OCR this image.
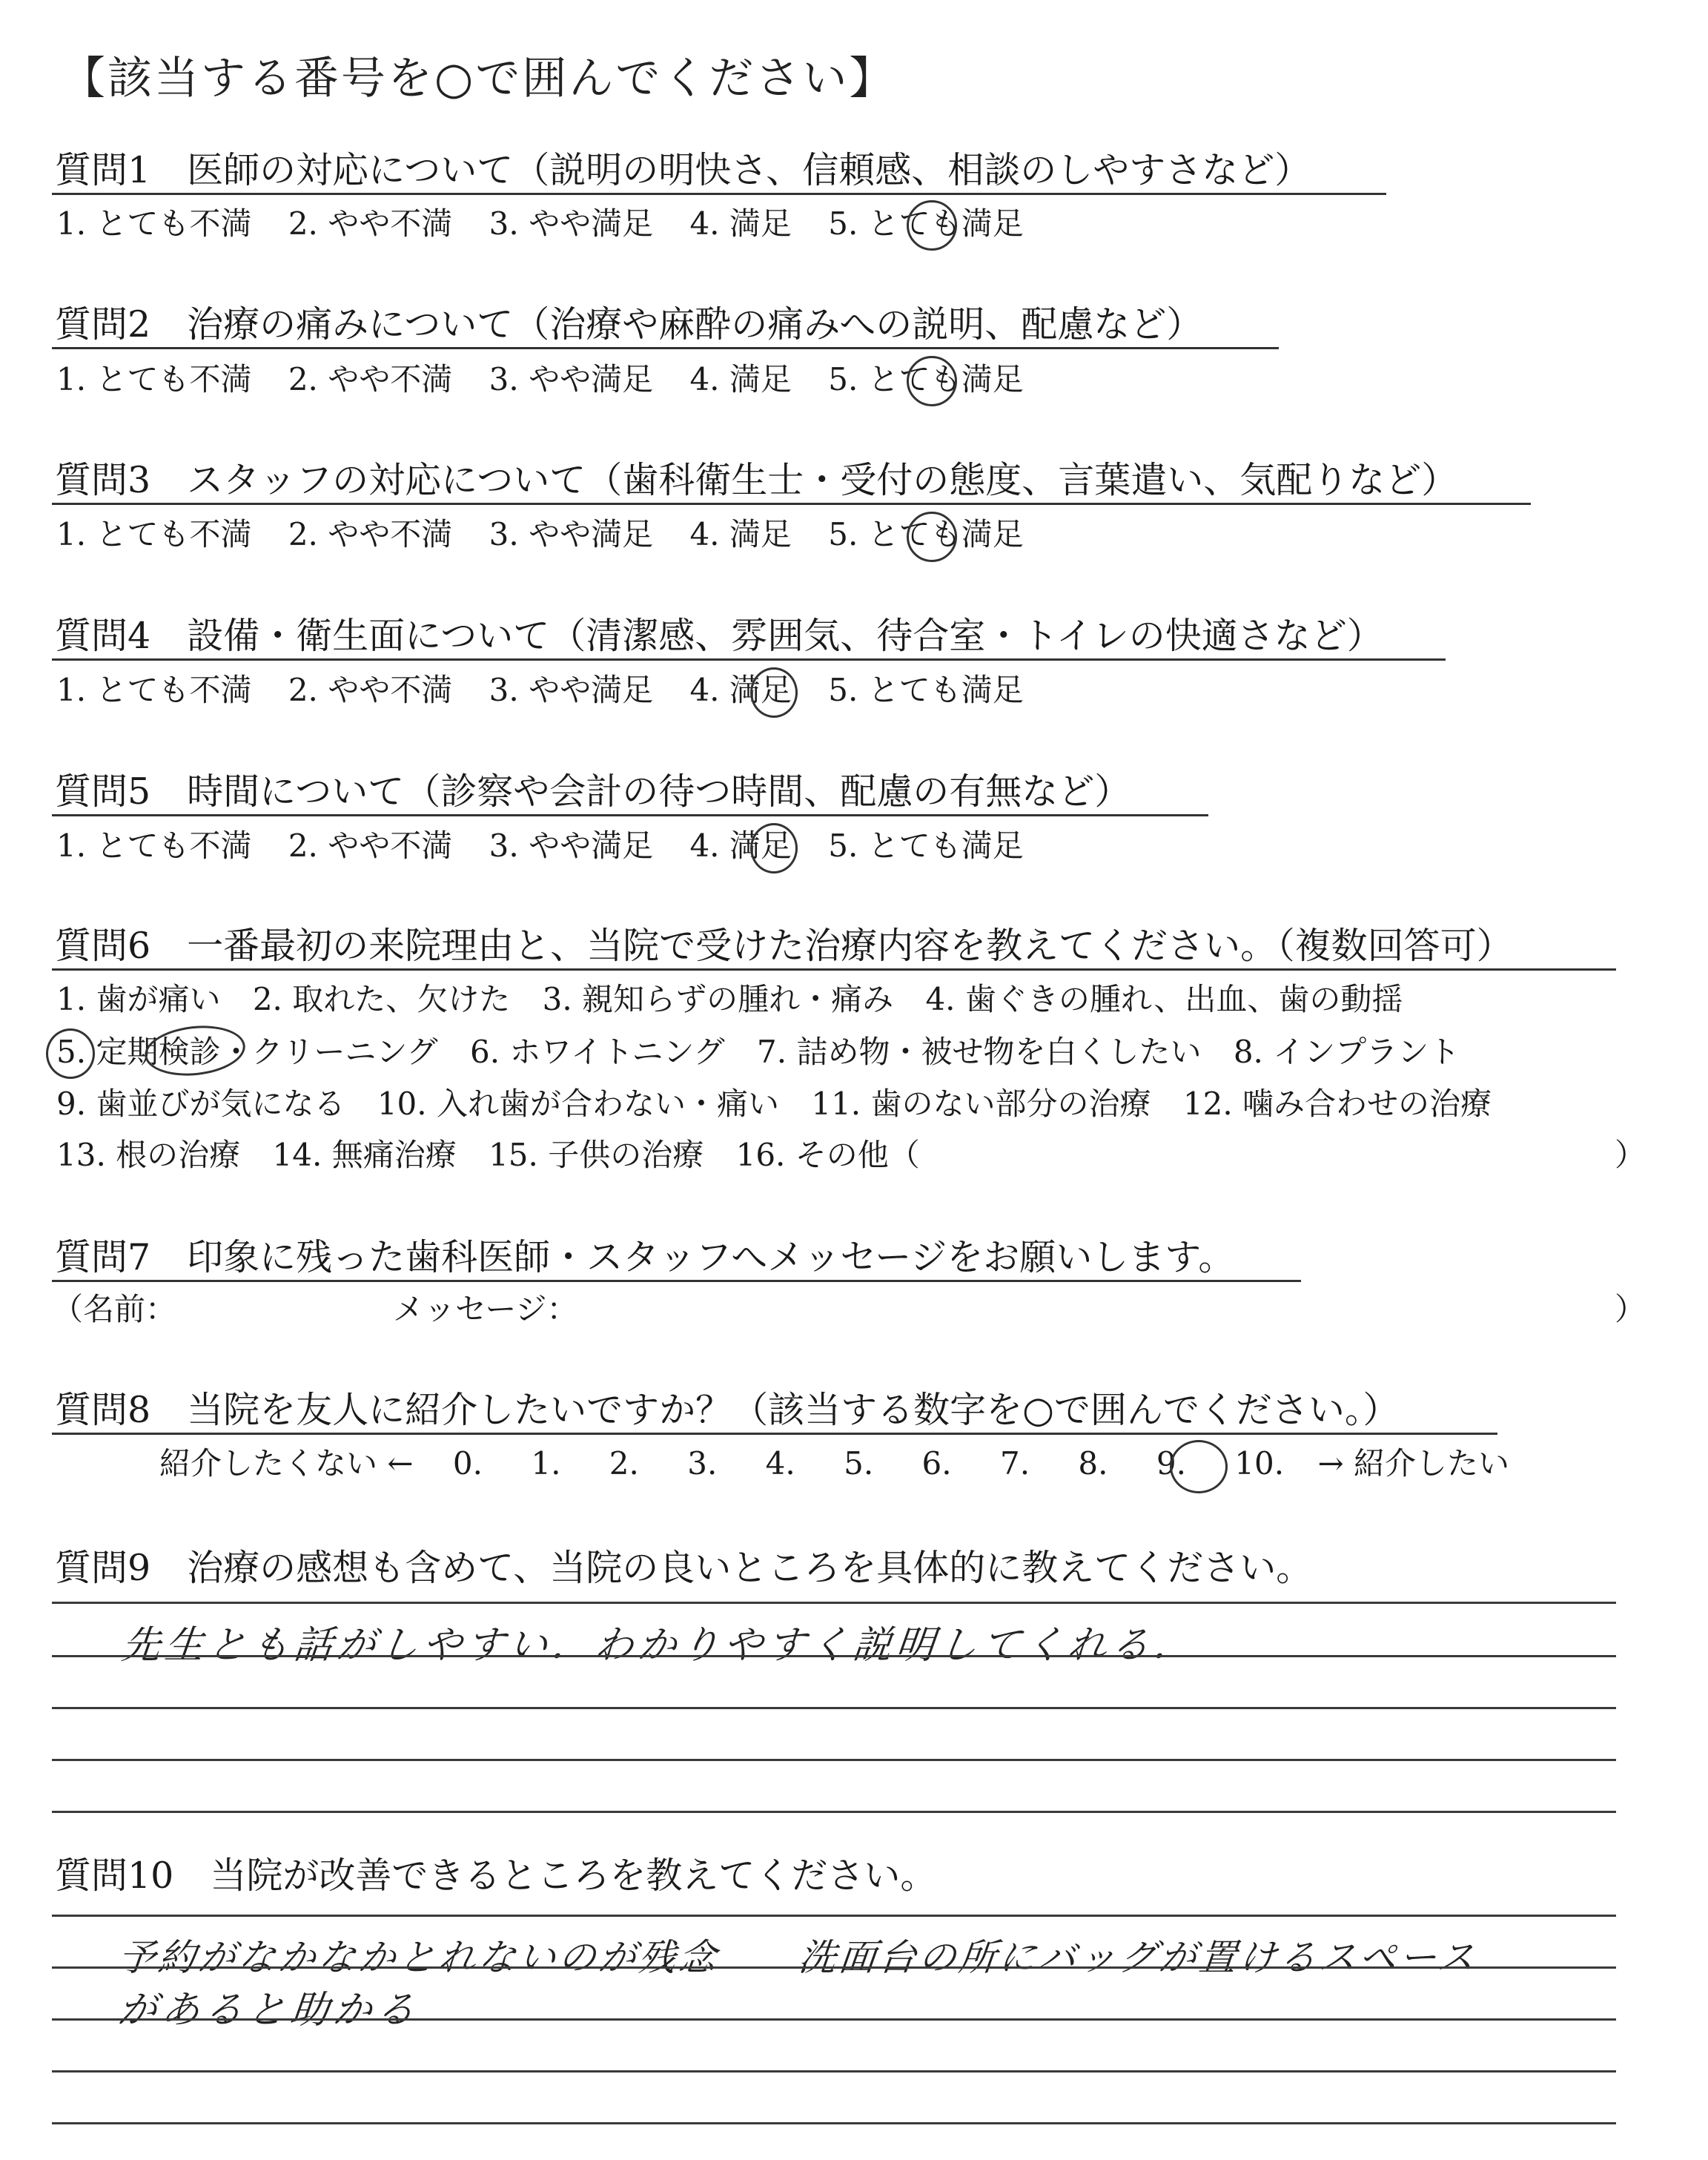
【該当する番号を○で囲んでください】
質問1　医師の対応について（説明の明快さ、信頼感、相談のしやすさなど）
1. とても不満 2. やや不満 3. やや満足 4. 満足 5. とても満足
質問2　治療の痛みについて（治療や麻酔の痛みへの説明、配慮など）
1. とても不満 2. やや不満 3. やや満足 4. 満足 5. とても満足
質問3　スタッフの対応について（歯科衛生士・受付の態度、言葉遣い、気配りなど）
1. とても不満 2. やや不満 3. やや満足 4. 満足 5. とても満足
質問4　設備・衛生面について（清潔感、雰囲気、待合室・トイレの快適さなど）
1. とても不満 2. やや不満 3. やや満足 4. 満足 5. とても満足
質問5　時間について（診察や会計の待つ時間、配慮の有無など）
1. とても不満 2. やや不満 3. やや満足 4. 満足 5. とても満足
質問6　一番最初の来院理由と、当院で受けた治療内容を教えてください。（複数回答可）
1. 歯が痛い 2. 取れた、欠けた 3. 親知らずの腫れ・痛み 4. 歯ぐきの腫れ、出血、歯の動揺
5. 定期検診・クリーニング 6. ホワイトニング 7. 詰め物・被せ物を白くしたい 8. インプラント
9. 歯並びが気になる 10. 入れ歯が合わない・痛い 11. 歯のない部分の治療 12. 噛み合わせの治療
13. 根の治療 14. 無痛治療 15. 子供の治療 16. その他（	）
質問7　印象に残った歯科医師・スタッフへメッセージをお願いします。
（名前：	メッセージ：	）
質問8　当院を友人に紹介したいですか？（該当する数字を○で囲んでください。）
紹介したくない ← 0. 1. 2. 3. 4. 5. 6. 7. 8. 9. 10. → 紹介したい
質問9　治療の感想も含めて、当院の良いところを具体的に教えてください。
先生とも話がしやすい．わかりやすく説明してくれる．
質問10　当院が改善できるところを教えてください。
予約がなかなかとれないのが残念　　洗面台の所にバッグが置けるスペース
があると助かる
